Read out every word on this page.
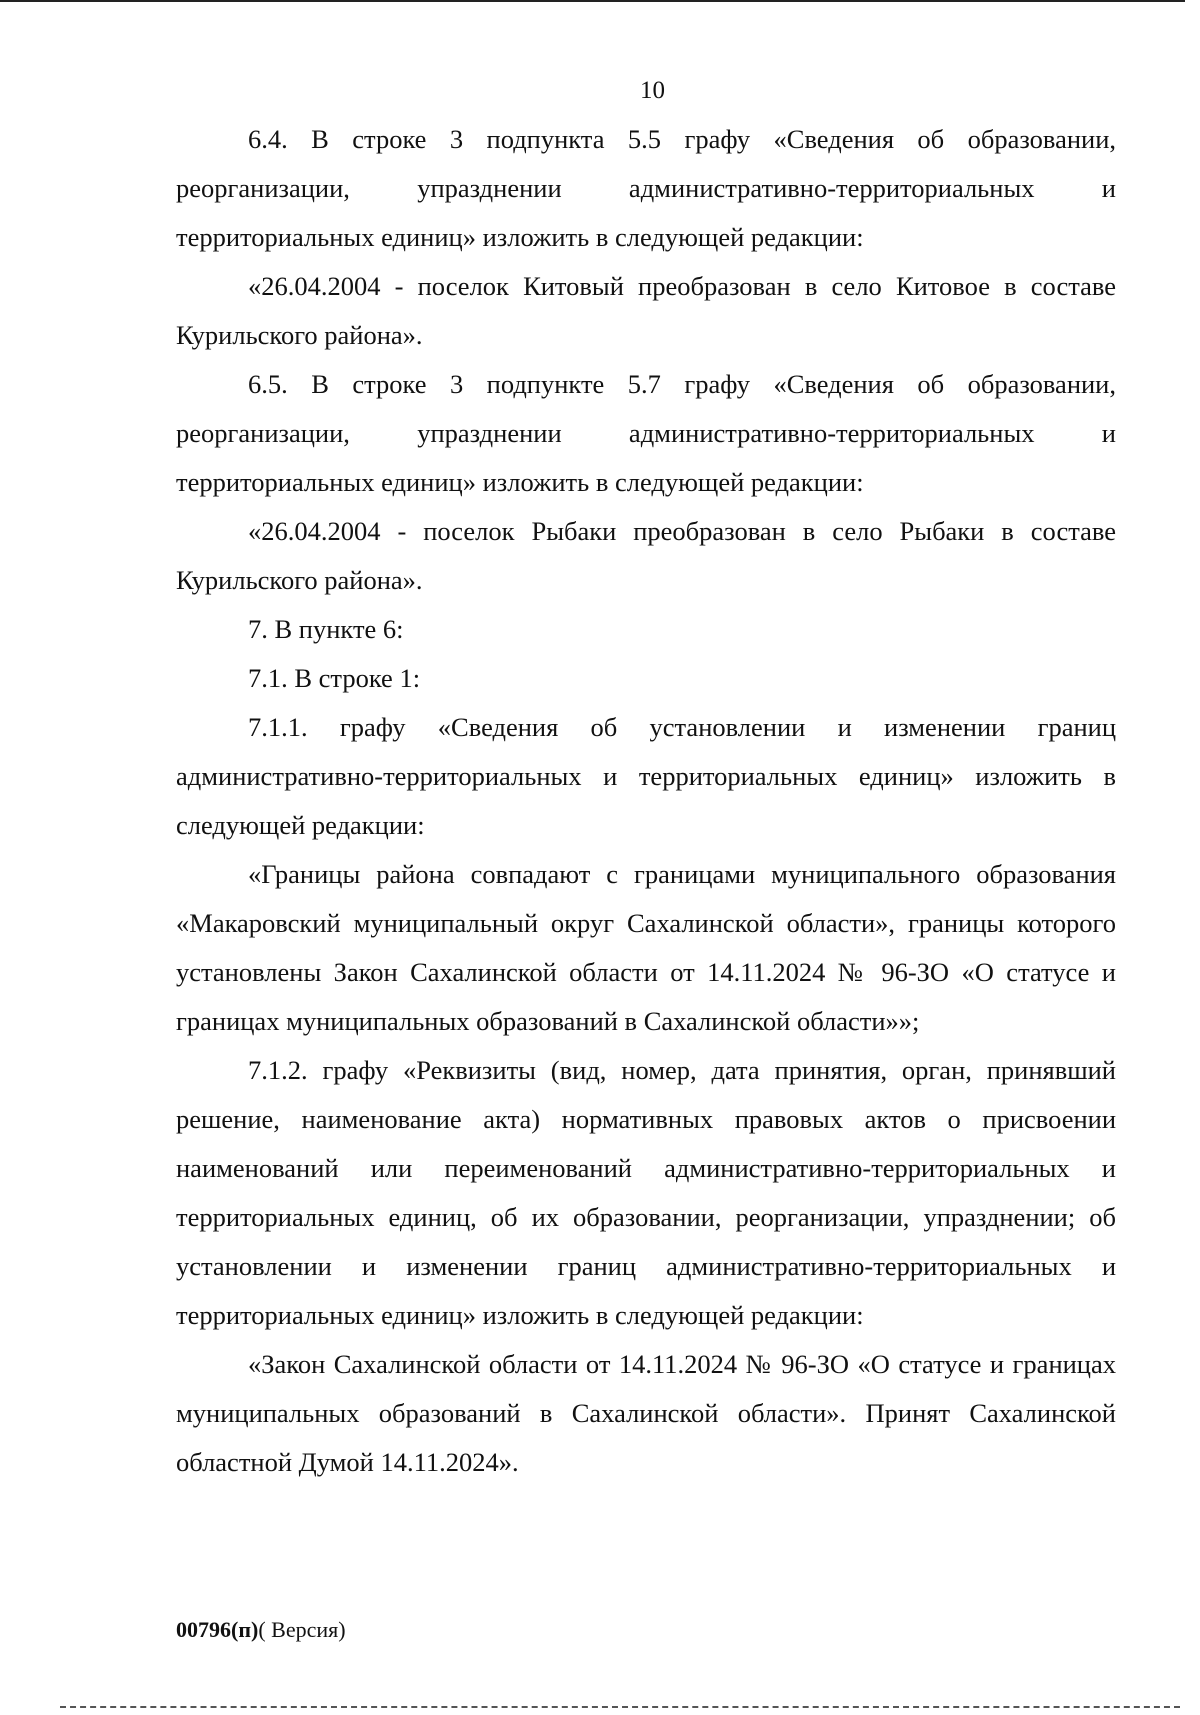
10

6.4. В строке 3 подпункта 5.5 графу «Сведения об образовании, реорганизации, упразднении административно-территориальных и территориальных единиц» изложить в следующей редакции:

«26.04.2004 - поселок Китовый преобразован в село Китовое в составе Курильского района».

6.5. В строке 3 подпункте 5.7 графу «Сведения об образовании, реорганизации, упразднении административно-территориальных и территориальных единиц» изложить в следующей редакции:

«26.04.2004 - поселок Рыбаки преобразован в село Рыбаки в составе Курильского района».

7. В пункте 6:

7.1. В строке 1:

7.1.1. графу «Сведения об установлении и изменении границ административно-территориальных и территориальных единиц» изложить в следующей редакции:

«Границы района совпадают с границами муниципального образования «Макаровский муниципальный округ Сахалинской области», границы которого установлены Закон Сахалинской области от 14.11.2024 № 96-ЗО «О статусе и границах муниципальных образований в Сахалинской области»»;

7.1.2. графу «Реквизиты (вид, номер, дата принятия, орган, принявший решение, наименование акта) нормативных правовых актов о присвоении наименований или переименований административно-территориальных и территориальных единиц, об их образовании, реорганизации, упразднении; об установлении и изменении границ административно-территориальных и территориальных единиц» изложить в следующей редакции:

«Закон Сахалинской области от 14.11.2024 № 96-ЗО «О статусе и границах муниципальных образований в Сахалинской области». Принят Сахалинской областной Думой 14.11.2024».

00796(п)( Версия)
